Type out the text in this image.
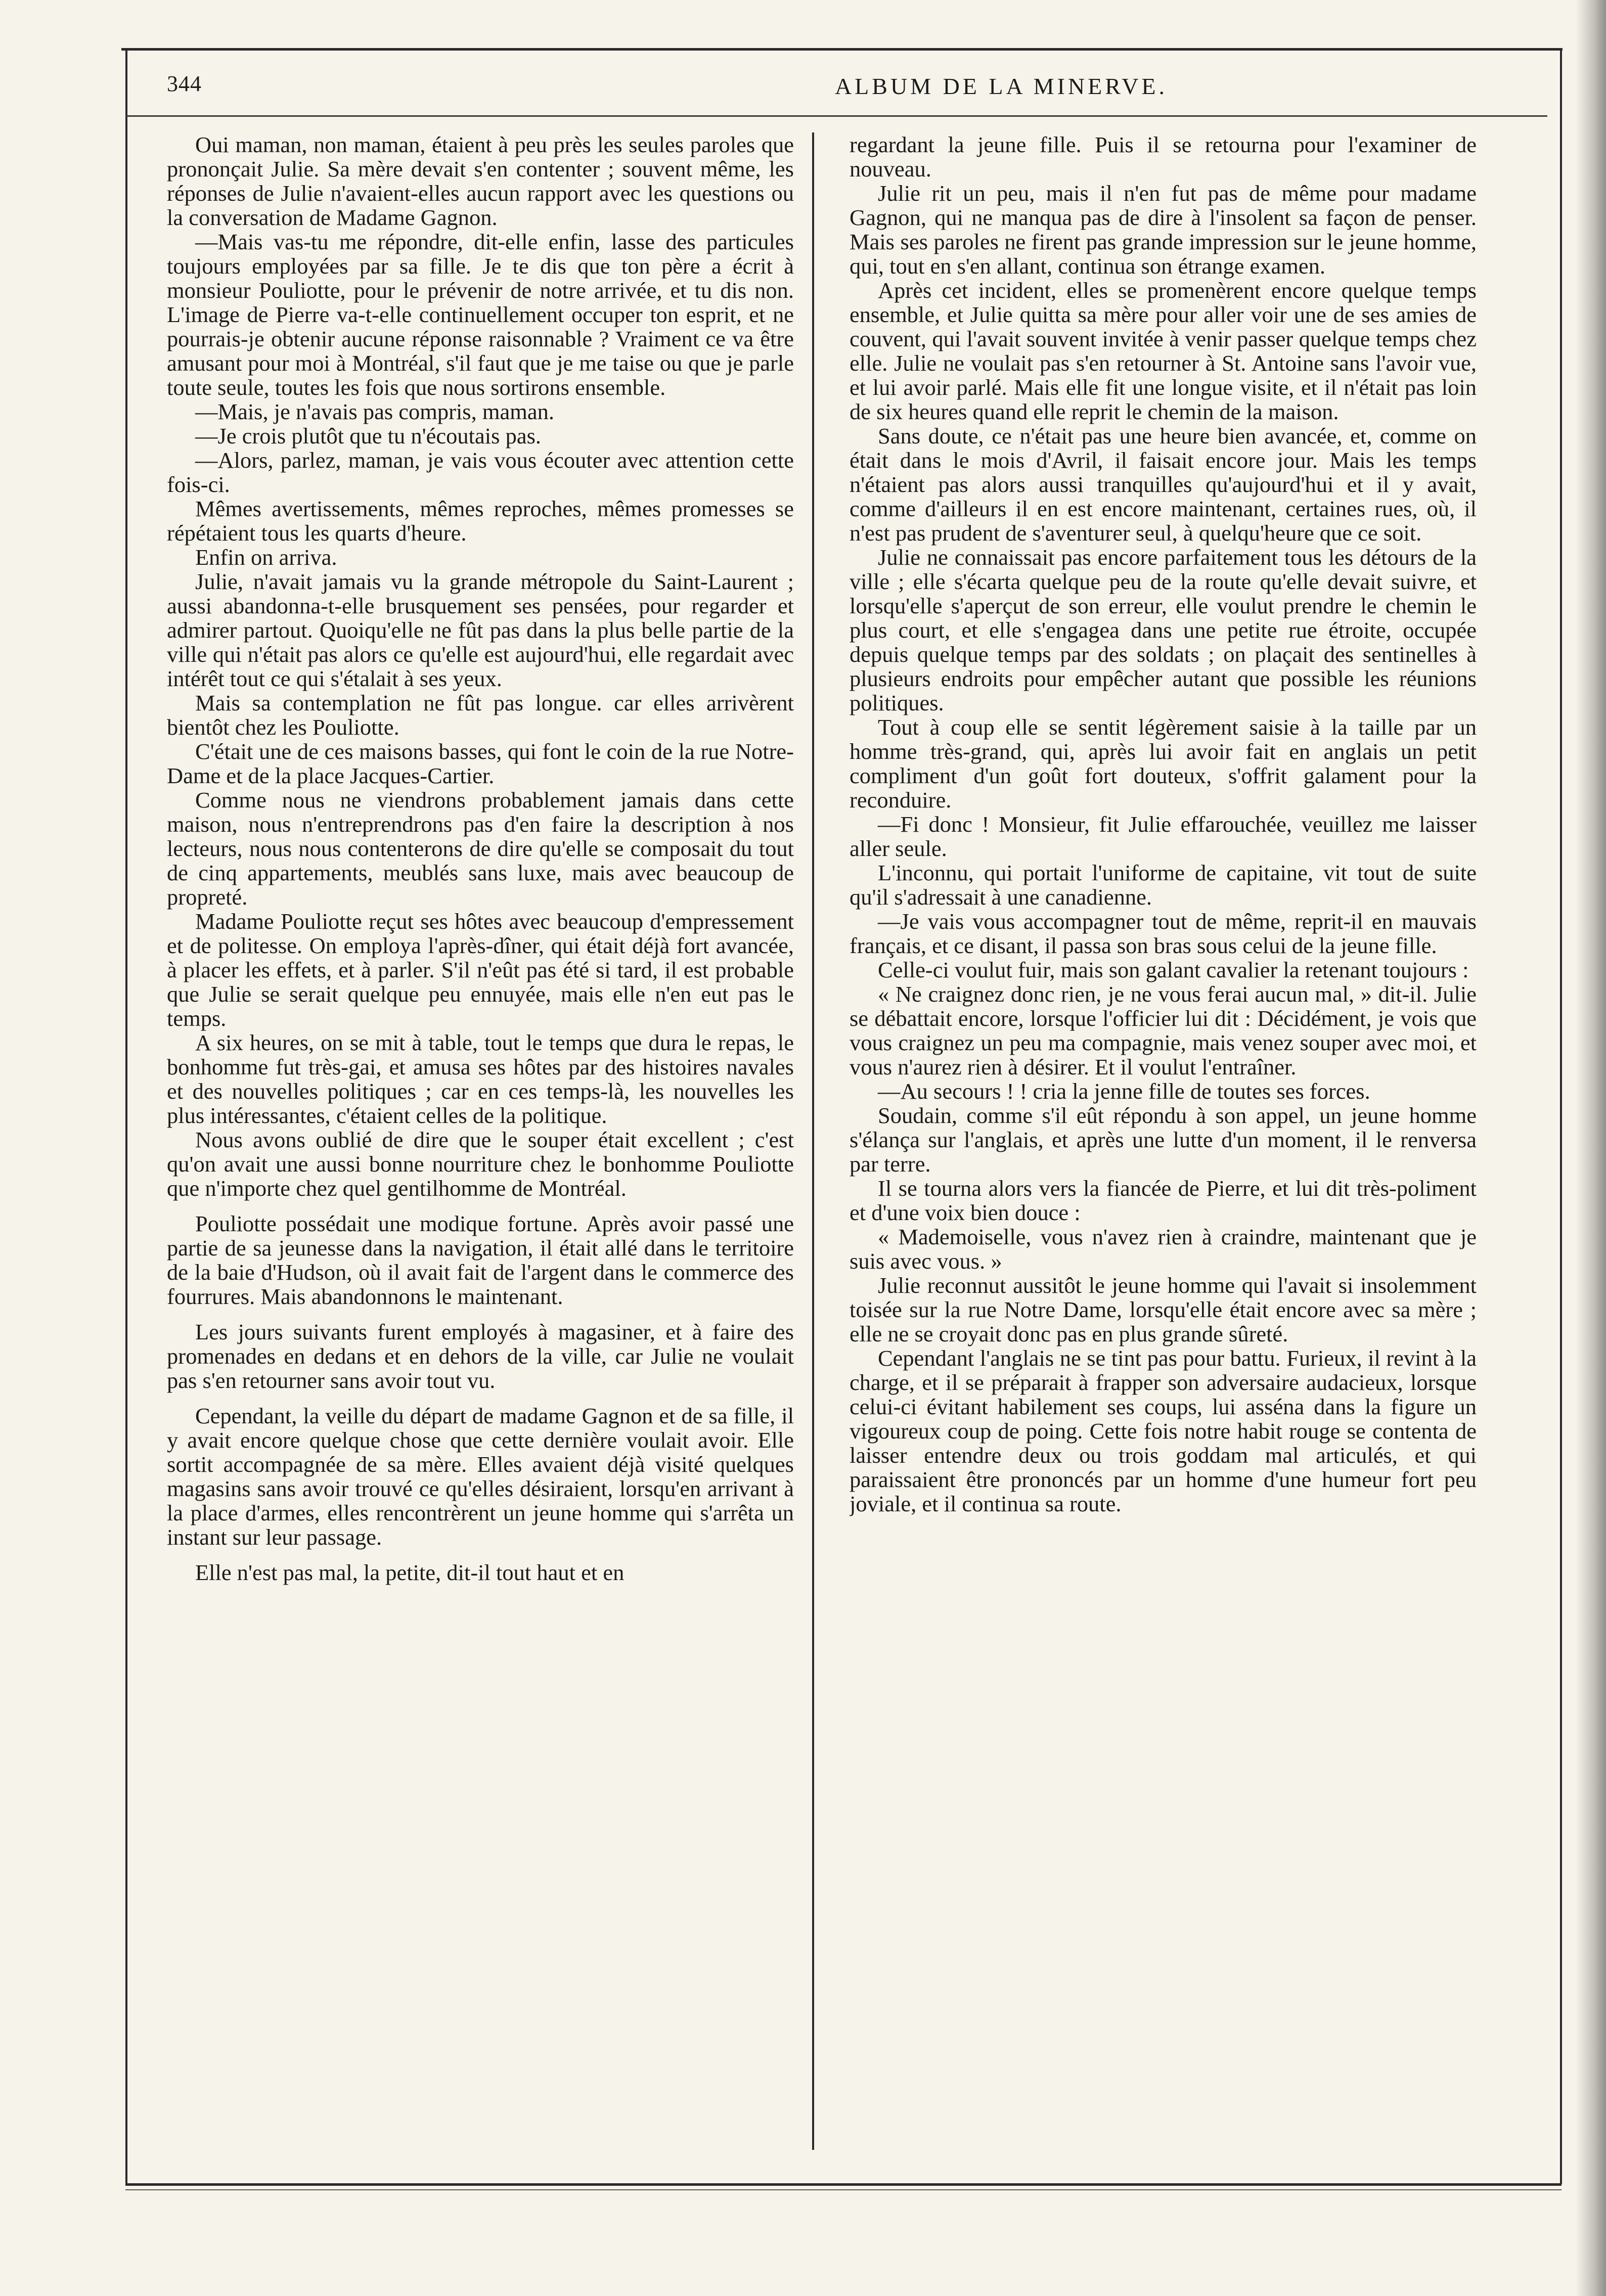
344	ALBUM DE LA MINERVE.

Oui maman, non maman, étaient à peu près les seules paroles que prononçait Julie. Sa mère devait s'en contenter ; souvent même, les réponses de Julie n'avaient-elles aucun rapport avec les questions ou la conversation de Madame Gagnon.

—Mais vas-tu me répondre, dit-elle enfin, lasse des particules toujours employées par sa fille. Je te dis que ton père a écrit à monsieur Pouliotte, pour le prévenir de notre arrivée, et tu dis non. L'image de Pierre va-t-elle continuellement occuper ton esprit, et ne pourrais-je obtenir aucune réponse raisonnable ? Vraiment ce va être amusant pour moi à Montréal, s'il faut que je me taise ou que je parle toute seule, toutes les fois que nous sortirons ensemble.

—Mais, je n'avais pas compris, maman.

—Je crois plutôt que tu n'écoutais pas.

—Alors, parlez, maman, je vais vous écouter avec attention cette fois-ci.

Mêmes avertissements, mêmes reproches, mêmes promesses se répétaient tous les quarts d'heure.

Enfin on arriva.

Julie, n'avait jamais vu la grande métropole du Saint-Laurent ; aussi abandonna-t-elle brusquement ses pensées, pour regarder et admirer partout. Quoiqu'elle ne fût pas dans la plus belle partie de la ville qui n'était pas alors ce qu'elle est aujourd'hui, elle regardait avec intérêt tout ce qui s'étalait à ses yeux.

Mais sa contemplation ne fût pas longue. car elles arrivèrent bientôt chez les Pouliotte.

C'était une de ces maisons basses, qui font le coin de la rue Notre-Dame et de la place Jacques-Cartier.

Comme nous ne viendrons probablement jamais dans cette maison, nous n'entreprendrons pas d'en faire la description à nos lecteurs, nous nous contenterons de dire qu'elle se composait du tout de cinq appartements, meublés sans luxe, mais avec beaucoup de propreté.

Madame Pouliotte reçut ses hôtes avec beaucoup d'empressement et de politesse. On employa l'après-dîner, qui était déjà fort avancée, à placer les effets, et à parler. S'il n'eût pas été si tard, il est probable que Julie se serait quelque peu ennuyée, mais elle n'en eut pas le temps.

A six heures, on se mit à table, tout le temps que dura le repas, le bonhomme fut très-gai, et amusa ses hôtes par des histoires navales et des nouvelles politiques ; car en ces temps-là, les nouvelles les plus intéressantes, c'étaient celles de la politique.

Nous avons oublié de dire que le souper était excellent ; c'est qu'on avait une aussi bonne nourriture chez le bonhomme Pouliotte que n'importe chez quel gentilhomme de Montréal.

Pouliotte possédait une modique fortune. Après avoir passé une partie de sa jeunesse dans la navigation, il était allé dans le territoire de la baie d'Hudson, où il avait fait de l'argent dans le commerce des fourrures. Mais abandonnons le maintenant.

Les jours suivants furent employés à magasiner, et à faire des promenades en dedans et en dehors de la ville, car Julie ne voulait pas s'en retourner sans avoir tout vu.

Cependant, la veille du départ de madame Gagnon et de sa fille, il y avait encore quelque chose que cette dernière voulait avoir. Elle sortit accompagnée de sa mère. Elles avaient déjà visité quelques magasins sans avoir trouvé ce qu'elles désiraient, lorsqu'en arrivant à la place d'armes, elles rencontrèrent un jeune homme qui s'arrêta un instant sur leur passage.

Elle n'est pas mal, la petite, dit-il tout haut et en

regardant la jeune fille. Puis il se retourna pour l'examiner de nouveau.

Julie rit un peu, mais il n'en fut pas de même pour madame Gagnon, qui ne manqua pas de dire à l'insolent sa façon de penser. Mais ses paroles ne firent pas grande impression sur le jeune homme, qui, tout en s'en allant, continua son étrange examen.

Après cet incident, elles se promenèrent encore quelque temps ensemble, et Julie quitta sa mère pour aller voir une de ses amies de couvent, qui l'avait souvent invitée à venir passer quelque temps chez elle. Julie ne voulait pas s'en retourner à St. Antoine sans l'avoir vue, et lui avoir parlé. Mais elle fit une longue visite, et il n'était pas loin de six heures quand elle reprit le chemin de la maison.

Sans doute, ce n'était pas une heure bien avancée, et, comme on était dans le mois d'Avril, il faisait encore jour. Mais les temps n'étaient pas alors aussi tranquilles qu'aujourd'hui et il y avait, comme d'ailleurs il en est encore maintenant, certaines rues, où, il n'est pas prudent de s'aventurer seul, à quelqu'heure que ce soit.

Julie ne connaissait pas encore parfaitement tous les détours de la ville ; elle s'écarta quelque peu de la route qu'elle devait suivre, et lorsqu'elle s'aperçut de son erreur, elle voulut prendre le chemin le plus court, et elle s'engagea dans une petite rue étroite, occupée depuis quelque temps par des soldats ; on plaçait des sentinelles à plusieurs endroits pour empêcher autant que possible les réunions politiques.

Tout à coup elle se sentit légèrement saisie à la taille par un homme très-grand, qui, après lui avoir fait en anglais un petit compliment d'un goût fort douteux, s'offrit galament pour la reconduire.

—Fi donc ! Monsieur, fit Julie effarouchée, veuillez me laisser aller seule.

L'inconnu, qui portait l'uniforme de capitaine, vit tout de suite qu'il s'adressait à une canadienne.

—Je vais vous accompagner tout de même, reprit-il en mauvais français, et ce disant, il passa son bras sous celui de la jeune fille.

Celle-ci voulut fuir, mais son galant cavalier la retenant toujours :

« Ne craignez donc rien, je ne vous ferai aucun mal, » dit-il. Julie se débattait encore, lorsque l'officier lui dit : Décidément, je vois que vous craignez un peu ma compagnie, mais venez souper avec moi, et vous n'aurez rien à désirer. Et il voulut l'entraîner.

—Au secours ! ! cria la jenne fille de toutes ses forces.

Soudain, comme s'il eût répondu à son appel, un jeune homme s'élança sur l'anglais, et après une lutte d'un moment, il le renversa par terre.

Il se tourna alors vers la fiancée de Pierre, et lui dit très-poliment et d'une voix bien douce :

« Mademoiselle, vous n'avez rien à craindre, maintenant que je suis avec vous. »

Julie reconnut aussitôt le jeune homme qui l'avait si insolemment toisée sur la rue Notre Dame, lorsqu'elle était encore avec sa mère ; elle ne se croyait donc pas en plus grande sûreté.

Cependant l'anglais ne se tint pas pour battu. Furieux, il revint à la charge, et il se préparait à frapper son adversaire audacieux, lorsque celui-ci évitant habilement ses coups, lui asséna dans la figure un vigoureux coup de poing. Cette fois notre habit rouge se contenta de laisser entendre deux ou trois goddam mal articulés, et qui paraissaient être prononcés par un homme d'une humeur fort peu joviale, et il continua sa route.
